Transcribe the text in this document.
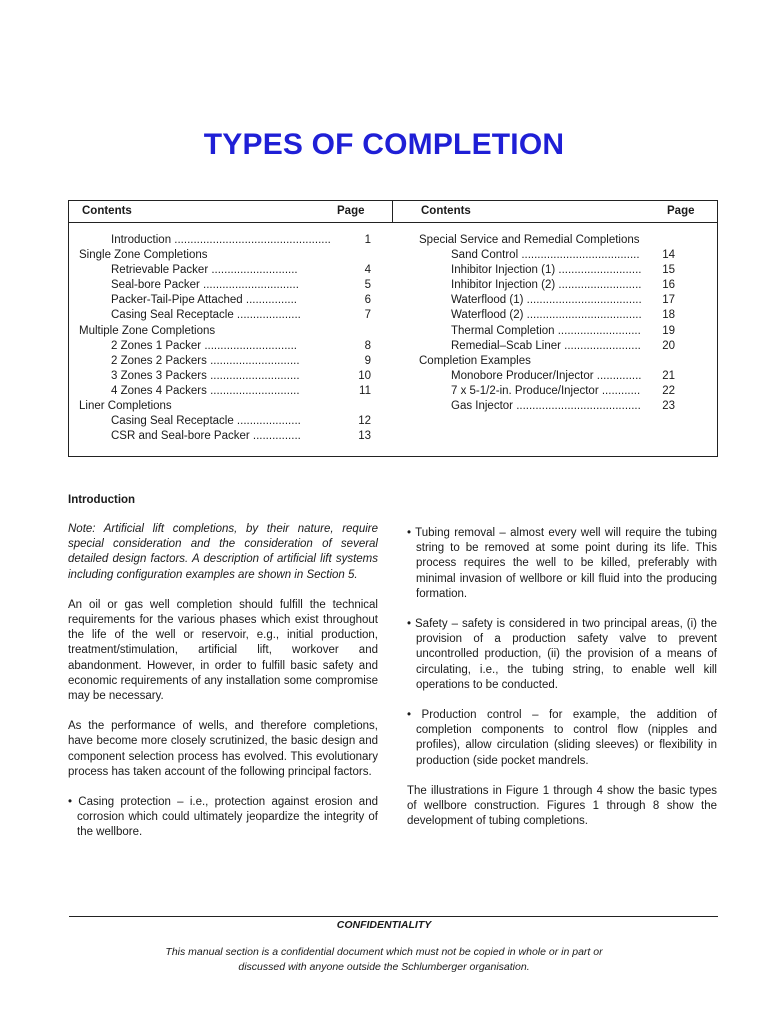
TYPES OF COMPLETION
Contents	Page	Contents	Page
Introduction .................................................	1
Single Zone Completions
Retrievable Packer ...........................	4
Seal-bore Packer ..............................	5
Packer-Tail-Pipe Attached ................	6
Casing Seal Receptacle ....................	7
Multiple Zone Completions
2 Zones 1 Packer .............................	8
2 Zones 2 Packers ............................	9
3 Zones 3 Packers ............................	10
4 Zones 4 Packers ............................	11
Liner Completions
Casing Seal Receptacle ....................	12
CSR and Seal-bore Packer ...............	13
Special Service and Remedial Completions
Sand Control ..................................... 14
Inhibitor Injection (1) .......................... 15
Inhibitor Injection (2) .......................... 16
Waterflood (1) .................................... 17
Waterflood (2) .................................... 18
Thermal Completion .......................... 19
Remedial–Scab Liner ........................ 20
Completion Examples
Monobore Producer/Injector .............. 21
7 x 5-1/2-in. Produce/Injector ............ 22
Gas Injector ....................................... 23
Introduction

Note: Artificial lift completions, by their nature, require special consideration and the consideration of several detailed design factors. A description of artificial lift systems including configuration examples are shown in Section 5.

An oil or gas well completion should fulfill the technical requirements for the various phases which exist throughout the life of the well or reservoir, e.g., initial production, treatment/stimulation, artificial lift, workover and abandonment. However, in order to fulfill basic safety and economic requirements of any installation some compromise may be necessary.

As the performance of wells, and therefore completions, have become more closely scrutinized, the basic design and component selection process has evolved. This evolutionary process has taken account of the following principal factors.

• Casing protection – i.e., protection against erosion and corrosion which could ultimately jeopardize the integrity of the wellbore.

• Tubing removal – almost every well will require the tubing string to be removed at some point during its life. This process requires the well to be killed, preferably with minimal invasion of wellbore or kill fluid into the producing formation.

• Safety – safety is considered in two principal areas, (i) the provision of a production safety valve to prevent uncontrolled production, (ii) the provision of a means of circulating, i.e., the tubing string, to enable well kill operations to be conducted.

• Production control – for example, the addition of completion components to control flow (nipples and profiles), allow circulation (sliding sleeves) or flexibility in production (side pocket mandrels.

The illustrations in Figure 1 through 4 show the basic types of wellbore construction. Figures 1 through 8 show the development of tubing completions.

CONFIDENTIALITY
This manual section is a confidential document which must not be copied in whole or in part or
discussed with anyone outside the Schlumberger organisation.
